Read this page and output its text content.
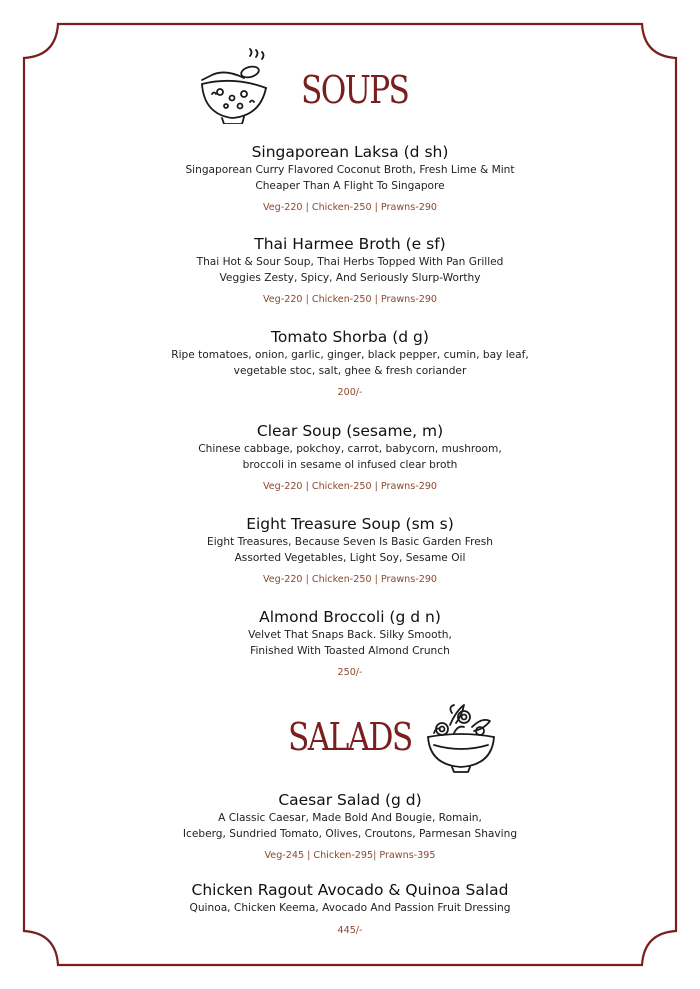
SOUPS
Singaporean Laksa (d sh)
Singaporean Curry Flavored Coconut Broth, Fresh Lime & Mint
Cheaper Than A Flight To Singapore
Veg-220 | Chicken-250 | Prawns-290
Thai Harmee Broth (e sf)
Thai Hot & Sour Soup, Thai Herbs Topped With Pan Grilled
Veggies Zesty, Spicy, And Seriously Slurp-Worthy
Veg-220 | Chicken-250 | Prawns-290
Tomato Shorba (d g)
Ripe tomatoes, onion, garlic, ginger, black pepper, cumin, bay leaf,
vegetable stoc, salt, ghee & fresh coriander
200/-
Clear Soup (sesame, m)
Chinese cabbage, pokchoy, carrot, babycorn, mushroom,
broccoli in sesame ol infused clear broth
Veg-220 | Chicken-250 | Prawns-290
Eight Treasure Soup (sm s)
Eight Treasures, Because Seven Is Basic Garden Fresh
Assorted Vegetables, Light Soy, Sesame Oil
Veg-220 | Chicken-250 | Prawns-290
Almond Broccoli (g d n)
Velvet That Snaps Back. Silky Smooth,
Finished With Toasted Almond Crunch
250/-
SALADS
Caesar Salad (g d)
A Classic Caesar, Made Bold And Bougie, Romain,
Iceberg, Sundried Tomato, Olives, Croutons, Parmesan Shaving
Veg-245 | Chicken-295| Prawns-395
Chicken Ragout Avocado & Quinoa Salad
Quinoa, Chicken Keema, Avocado And Passion Fruit Dressing
445/-
